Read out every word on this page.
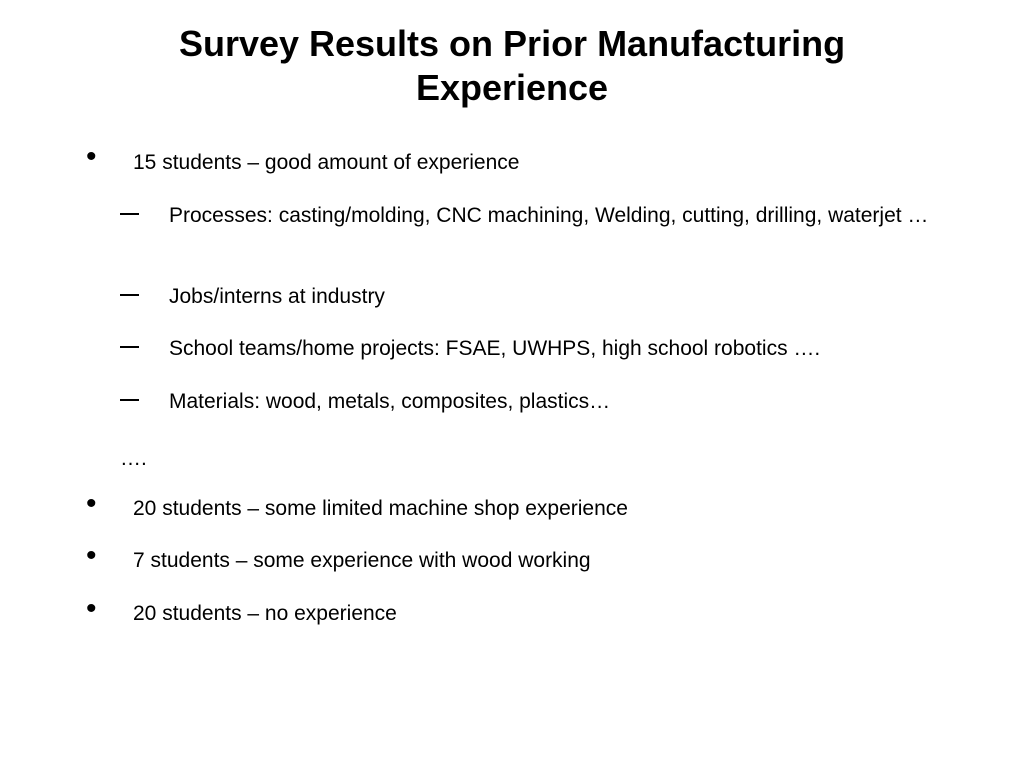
Survey Results on Prior Manufacturing Experience
• 15 students – good amount of experience
Processes: casting/molding, CNC machining, Welding, cutting, drilling, waterjet …
Jobs/interns at industry
School teams/home projects: FSAE, UWHPS, high school robotics ….
Materials: wood, metals, composites, plastics…
….
• 20 students – some limited machine shop experience
• 7 students – some experience with wood working
• 20 students – no experience
